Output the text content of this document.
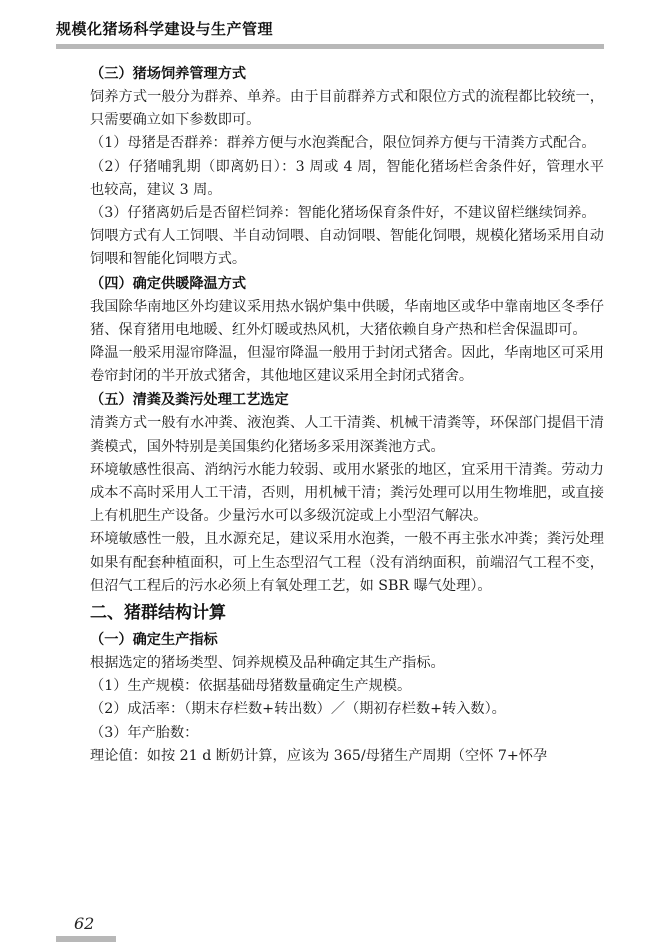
规模化猪场科学建设与生产管理

（三）猪场饲养管理方式

饲养方式一般分为群养、单养。由于目前群养方式和限位方式的流程都比较统一，只需要确立如下参数即可。

（1）母猪是否群养：群养方便与水泡粪配合，限位饲养方便与干清粪方式配合。

（2）仔猪哺乳期（即离奶日）：3 周或 4 周，智能化猪场栏舍条件好，管理水平也较高，建议 3 周。

（3）仔猪离奶后是否留栏饲养：智能化猪场保育条件好，不建议留栏继续饲养。

饲喂方式有人工饲喂、半自动饲喂、自动饲喂、智能化饲喂，规模化猪场采用自动饲喂和智能化饲喂方式。

（四）确定供暖降温方式

我国除华南地区外均建议采用热水锅炉集中供暖，华南地区或华中靠南地区冬季仔猪、保育猪用电地暖、红外灯暖或热风机，大猪依赖自身产热和栏舍保温即可。

降温一般采用湿帘降温，但湿帘降温一般用于封闭式猪舍。因此，华南地区可采用卷帘封闭的半开放式猪舍，其他地区建议采用全封闭式猪舍。

（五）清粪及粪污处理工艺选定

清粪方式一般有水冲粪、液泡粪、人工干清粪、机械干清粪等，环保部门提倡干清粪模式，国外特别是美国集约化猪场多采用深粪池方式。

环境敏感性很高、消纳污水能力较弱、或用水紧张的地区，宜采用干清粪。劳动力成本不高时采用人工干清，否则，用机械干清；粪污处理可以用生物堆肥，或直接上有机肥生产设备。少量污水可以多级沉淀或上小型沼气解决。

环境敏感性一般，且水源充足，建议采用水泡粪，一般不再主张水冲粪；粪污处理如果有配套种植面积，可上生态型沼气工程（没有消纳面积，前端沼气工程不变，但沼气工程后的污水必须上有氧处理工艺，如 SBR 曝气处理）。

二、猪群结构计算

（一）确定生产指标

根据选定的猪场类型、饲养规模及品种确定其生产指标。

（1）生产规模：依据基础母猪数量确定生产规模。

（2）成活率：（期末存栏数+转出数）／（期初存栏数+转入数）。

（3）年产胎数：

理论值：如按 21 d 断奶计算，应该为 365/母猪生产周期（空怀 7+怀孕

62
